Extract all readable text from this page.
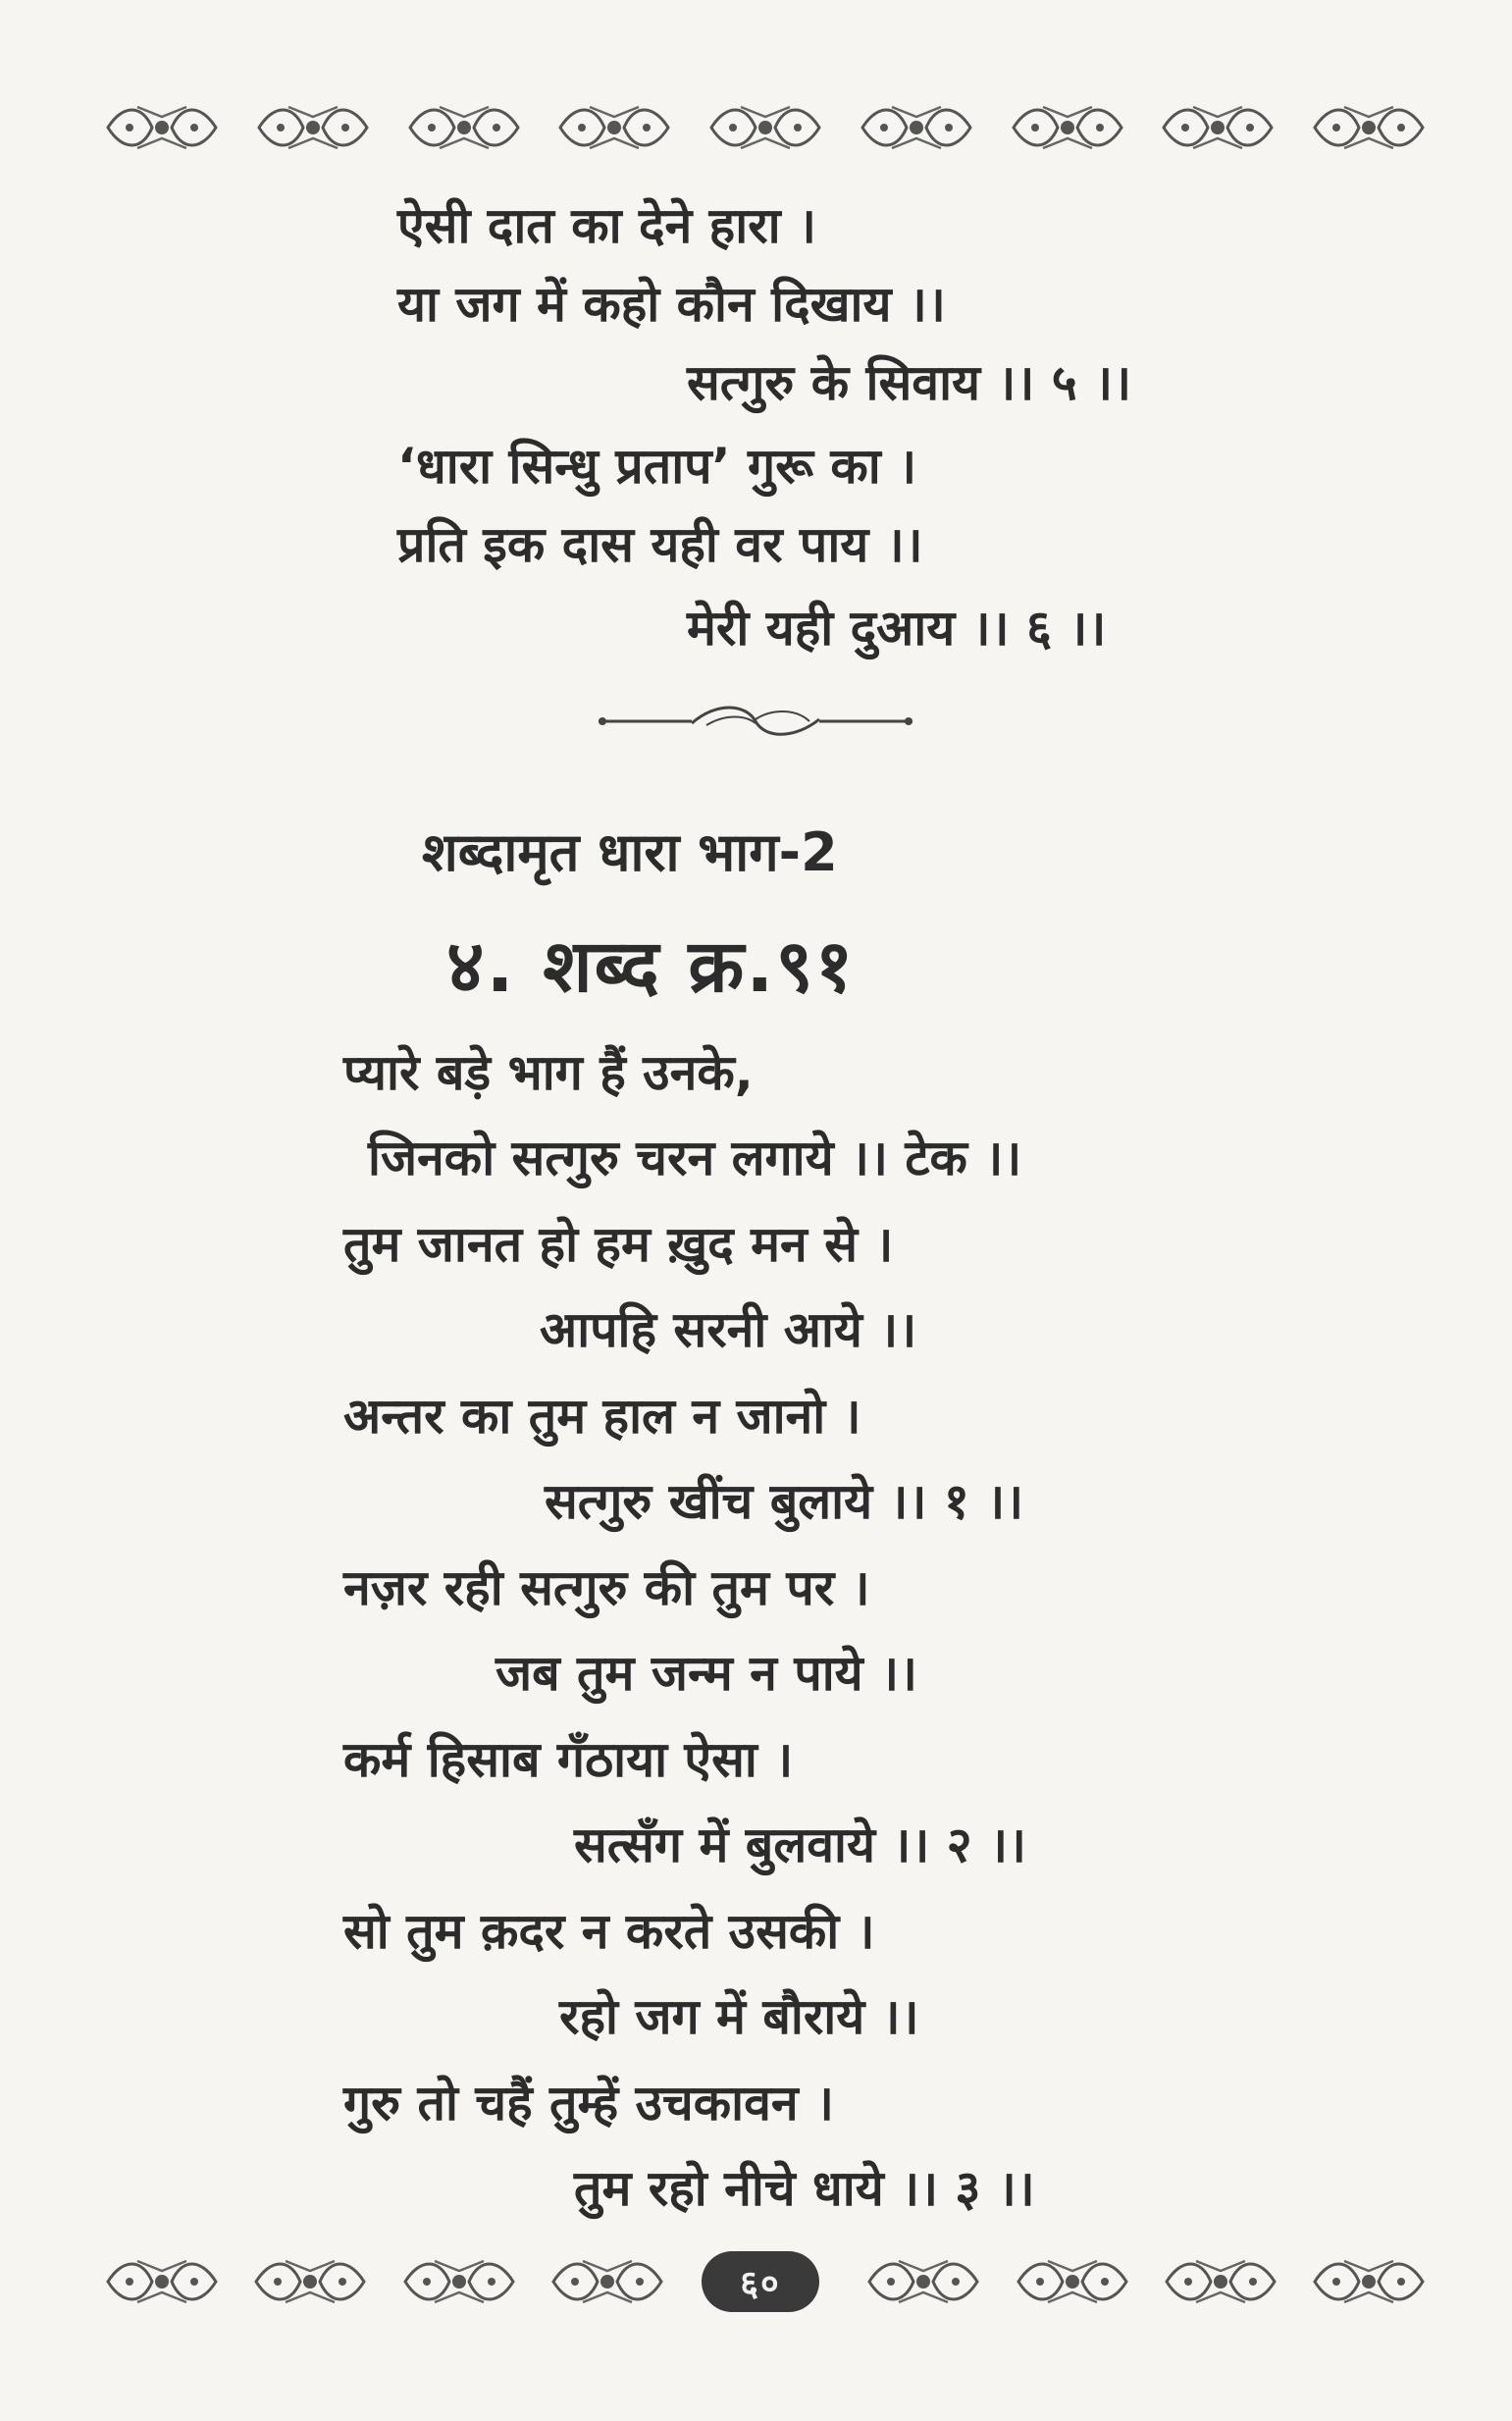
ऐसी दात का देने हारा ।
या जग में कहो कौन दिखाय ।।
सत्गुरु के सिवाय ।। ५ ।।
‘धारा सिन्धु प्रताप’ गुरू का ।
प्रति इक दास यही वर पाय ।।
मेरी यही दुआय ।। ६ ।।
शब्दामृत धारा भाग-2
४. शब्द क्र.९१
प्यारे बड़े भाग हैं उनके,
जिनको सत्गुरु चरन लगाये ।। टेक ।।
तुम जानत हो हम ख़ुद मन से ।
आपहि सरनी आये ।।
अन्तर का तुम हाल न जानो ।
सत्गुरु खींच बुलाये ।। १ ।।
नज़र रही सत्गुरु की तुम पर ।
जब तुम जन्म न पाये ।।
कर्म हिसाब गँठाया ऐसा ।
सत्सँग में बुलवाये ।। २ ।।
सो तुम क़दर न करते उसकी ।
रहो जग में बौराये ।।
गुरु तो चहैं तुम्हें उचकावन ।
तुम रहो नीचे धाये ।। ३ ।।
६०
